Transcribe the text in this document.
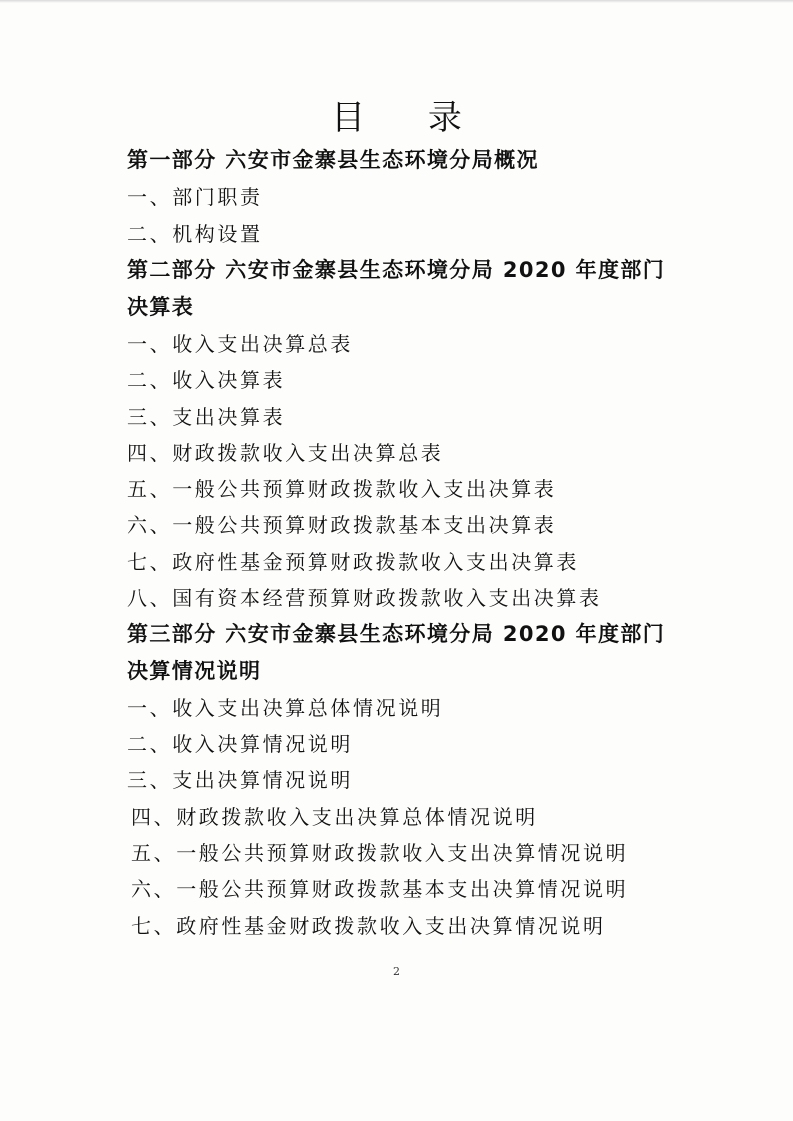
目 录
第一部分 六安市金寨县生态环境分局概况
一、部门职责
二、机构设置
第二部分 六安市金寨县生态环境分局 2020 年度部门
决算表
一、收入支出决算总表
二、收入决算表
三、支出决算表
四、财政拨款收入支出决算总表
五、一般公共预算财政拨款收入支出决算表
六、一般公共预算财政拨款基本支出决算表
七、政府性基金预算财政拨款收入支出决算表
八、国有资本经营预算财政拨款收入支出决算表
第三部分 六安市金寨县生态环境分局 2020 年度部门
决算情况说明
一、收入支出决算总体情况说明
二、收入决算情况说明
三、支出决算情况说明
四、财政拨款收入支出决算总体情况说明
五、一般公共预算财政拨款收入支出决算情况说明
六、一般公共预算财政拨款基本支出决算情况说明
七、政府性基金财政拨款收入支出决算情况说明
2
